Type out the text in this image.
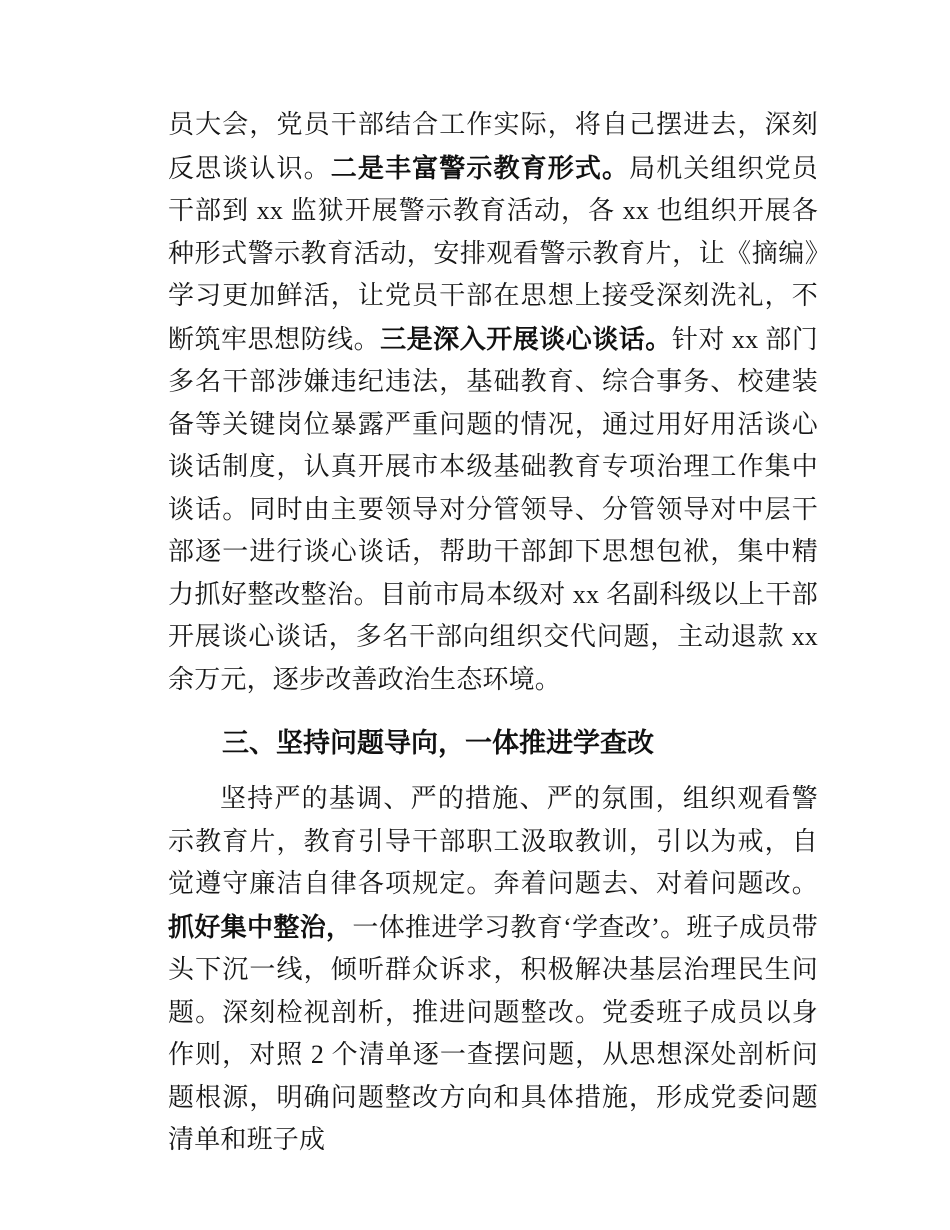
员大会，党员干部结合工作实际，将自己摆进去，深刻反思谈认识。二是丰富警示教育形式。局机关组织党员干部到 xx 监狱开展警示教育活动，各 xx 也组织开展各种形式警示教育活动，安排观看警示教育片，让《摘编》学习更加鲜活，让党员干部在思想上接受深刻洗礼，不断筑牢思想防线。三是深入开展谈心谈话。针对 xx 部门多名干部涉嫌违纪违法，基础教育、综合事务、校建装备等关键岗位暴露严重问题的情况，通过用好用活谈心谈话制度，认真开展市本级基础教育专项治理工作集中谈话。同时由主要领导对分管领导、分管领导对中层干部逐一进行谈心谈话，帮助干部卸下思想包袱，集中精力抓好整改整治。目前市局本级对 xx 名副科级以上干部开展谈心谈话，多名干部向组织交代问题，主动退款 xx 余万元，逐步改善政治生态环境。

三、坚持问题导向，一体推进学查改

坚持严的基调、严的措施、严的氛围，组织观看警示教育片，教育引导干部职工汲取教训，引以为戒，自觉遵守廉洁自律各项规定。奔着问题去、对着问题改。抓好集中整治，一体推进学习教育‘学查改’。班子成员带头下沉一线，倾听群众诉求，积极解决基层治理民生问题。深刻检视剖析，推进问题整改。党委班子成员以身作则，对照 2 个清单逐一查摆问题，从思想深处剖析问题根源，明确问题整改方向和具体措施，形成党委问题清单和班子成
